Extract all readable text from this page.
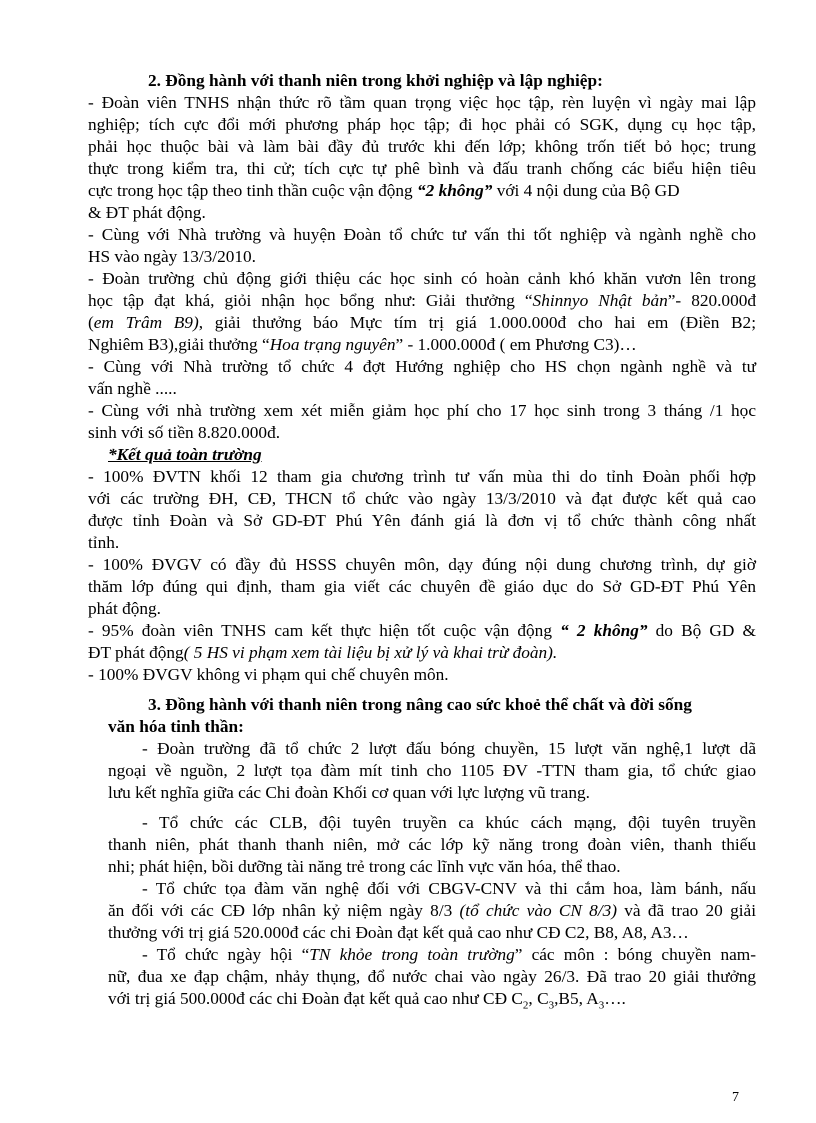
2. Đồng hành với thanh niên trong khởi nghiệp và lập nghiệp:
- Đoàn viên TNHS nhận thức rõ tầm quan trọng việc học tập, rèn luyện vì ngày mai lập
nghiệp; tích cực đổi mới phương pháp học tập; đi học phải có SGK, dụng cụ học tập,
phải học thuộc bài và làm bài đầy đủ trước khi đến lớp; không trốn tiết bỏ học; trung
thực trong kiểm tra, thi cử; tích cực tự phê bình và đấu tranh chống các biểu hiện tiêu
cực trong học tập theo tinh thần cuộc vận động “2 không” với 4 nội dung của Bộ GD
& ĐT phát động.
- Cùng với Nhà trường và huyện Đoàn tổ chức tư vấn thi tốt nghiệp và ngành nghề cho
HS vào ngày 13/3/2010.
- Đoàn trường chủ động giới thiệu các học sinh có hoàn cảnh khó khăn vươn lên trong
học tập đạt khá, giỏi nhận học bổng như: Giải thưởng “Shinnyo Nhật bản”- 820.000đ
(em Trâm B9), giải thưởng báo Mực tím trị giá 1.000.000đ cho hai em (Điền B2;
Nghiêm B3),giải thưởng “Hoa trạng nguyên” - 1.000.000đ ( em Phương C3)…
- Cùng với Nhà trường tổ chức 4 đợt Hướng nghiệp cho HS chọn ngành nghề và tư
vấn nghề .....
- Cùng với nhà trường xem xét miễn giảm học phí cho 17 học sinh trong 3 tháng /1 học
sinh với số tiền 8.820.000đ.
*Kết quả toàn trường
- 100% ĐVTN khối 12 tham gia chương trình tư vấn mùa thi do tỉnh Đoàn phối hợp
với các trường ĐH, CĐ, THCN tổ chức vào ngày 13/3/2010 và đạt được kết quả cao
được tỉnh Đoàn và Sở GD-ĐT Phú Yên đánh giá là đơn vị tổ chức thành công nhất
tỉnh.
- 100% ĐVGV có đầy đủ HSSS chuyên môn, dạy đúng nội dung chương trình, dự giờ
thăm lớp đúng qui định, tham gia viết các chuyên đề giáo dục do Sở GD-ĐT Phú Yên
phát động.
- 95% đoàn viên TNHS cam kết thực hiện tốt cuộc vận động “ 2 không” do Bộ GD &
ĐT phát động( 5 HS vi phạm xem tài liệu bị xử lý và khai trừ đoàn).
- 100% ĐVGV không vi phạm qui chế chuyên môn.
3. Đồng hành với thanh niên trong nâng cao sức khoẻ thể chất và đời sống
văn hóa tinh thần:
- Đoàn trường đã tổ chức 2 lượt đấu bóng chuyền, 15 lượt văn nghệ,1 lượt dã
ngoại về nguồn, 2 lượt tọa đàm mít tinh cho 1105 ĐV -TTN tham gia, tổ chức giao
lưu kết nghĩa giữa các Chi đoàn Khối cơ quan với lực lượng vũ trang.
- Tổ chức các CLB, đội tuyên truyền ca khúc cách mạng, đội tuyên truyền
thanh niên, phát thanh thanh niên, mở các lớp kỹ năng trong đoàn viên, thanh thiếu
nhi; phát hiện, bồi dưỡng tài năng trẻ trong các lĩnh vực văn hóa, thể thao.
- Tổ chức tọa đàm văn nghệ đối với CBGV-CNV và thi cắm hoa, làm bánh, nấu
ăn đối với các CĐ lớp nhân kỷ niệm ngày 8/3 (tổ chức vào CN 8/3) và đã trao 20 giải
thưởng với trị giá 520.000đ các chi Đoàn đạt kết quả cao như CĐ C2, B8, A8, A3…
- Tổ chức ngày hội “TN khỏe trong toàn trường” các môn : bóng chuyền nam-
nữ, đua xe đạp chậm, nhảy thụng, đổ nước chai vào ngày 26/3. Đã trao 20 giải thưởng
với trị giá 500.000đ các chi Đoàn đạt kết quả cao như CĐ $C_2$, $C_3,B5$, $A_3\dots$.
7
